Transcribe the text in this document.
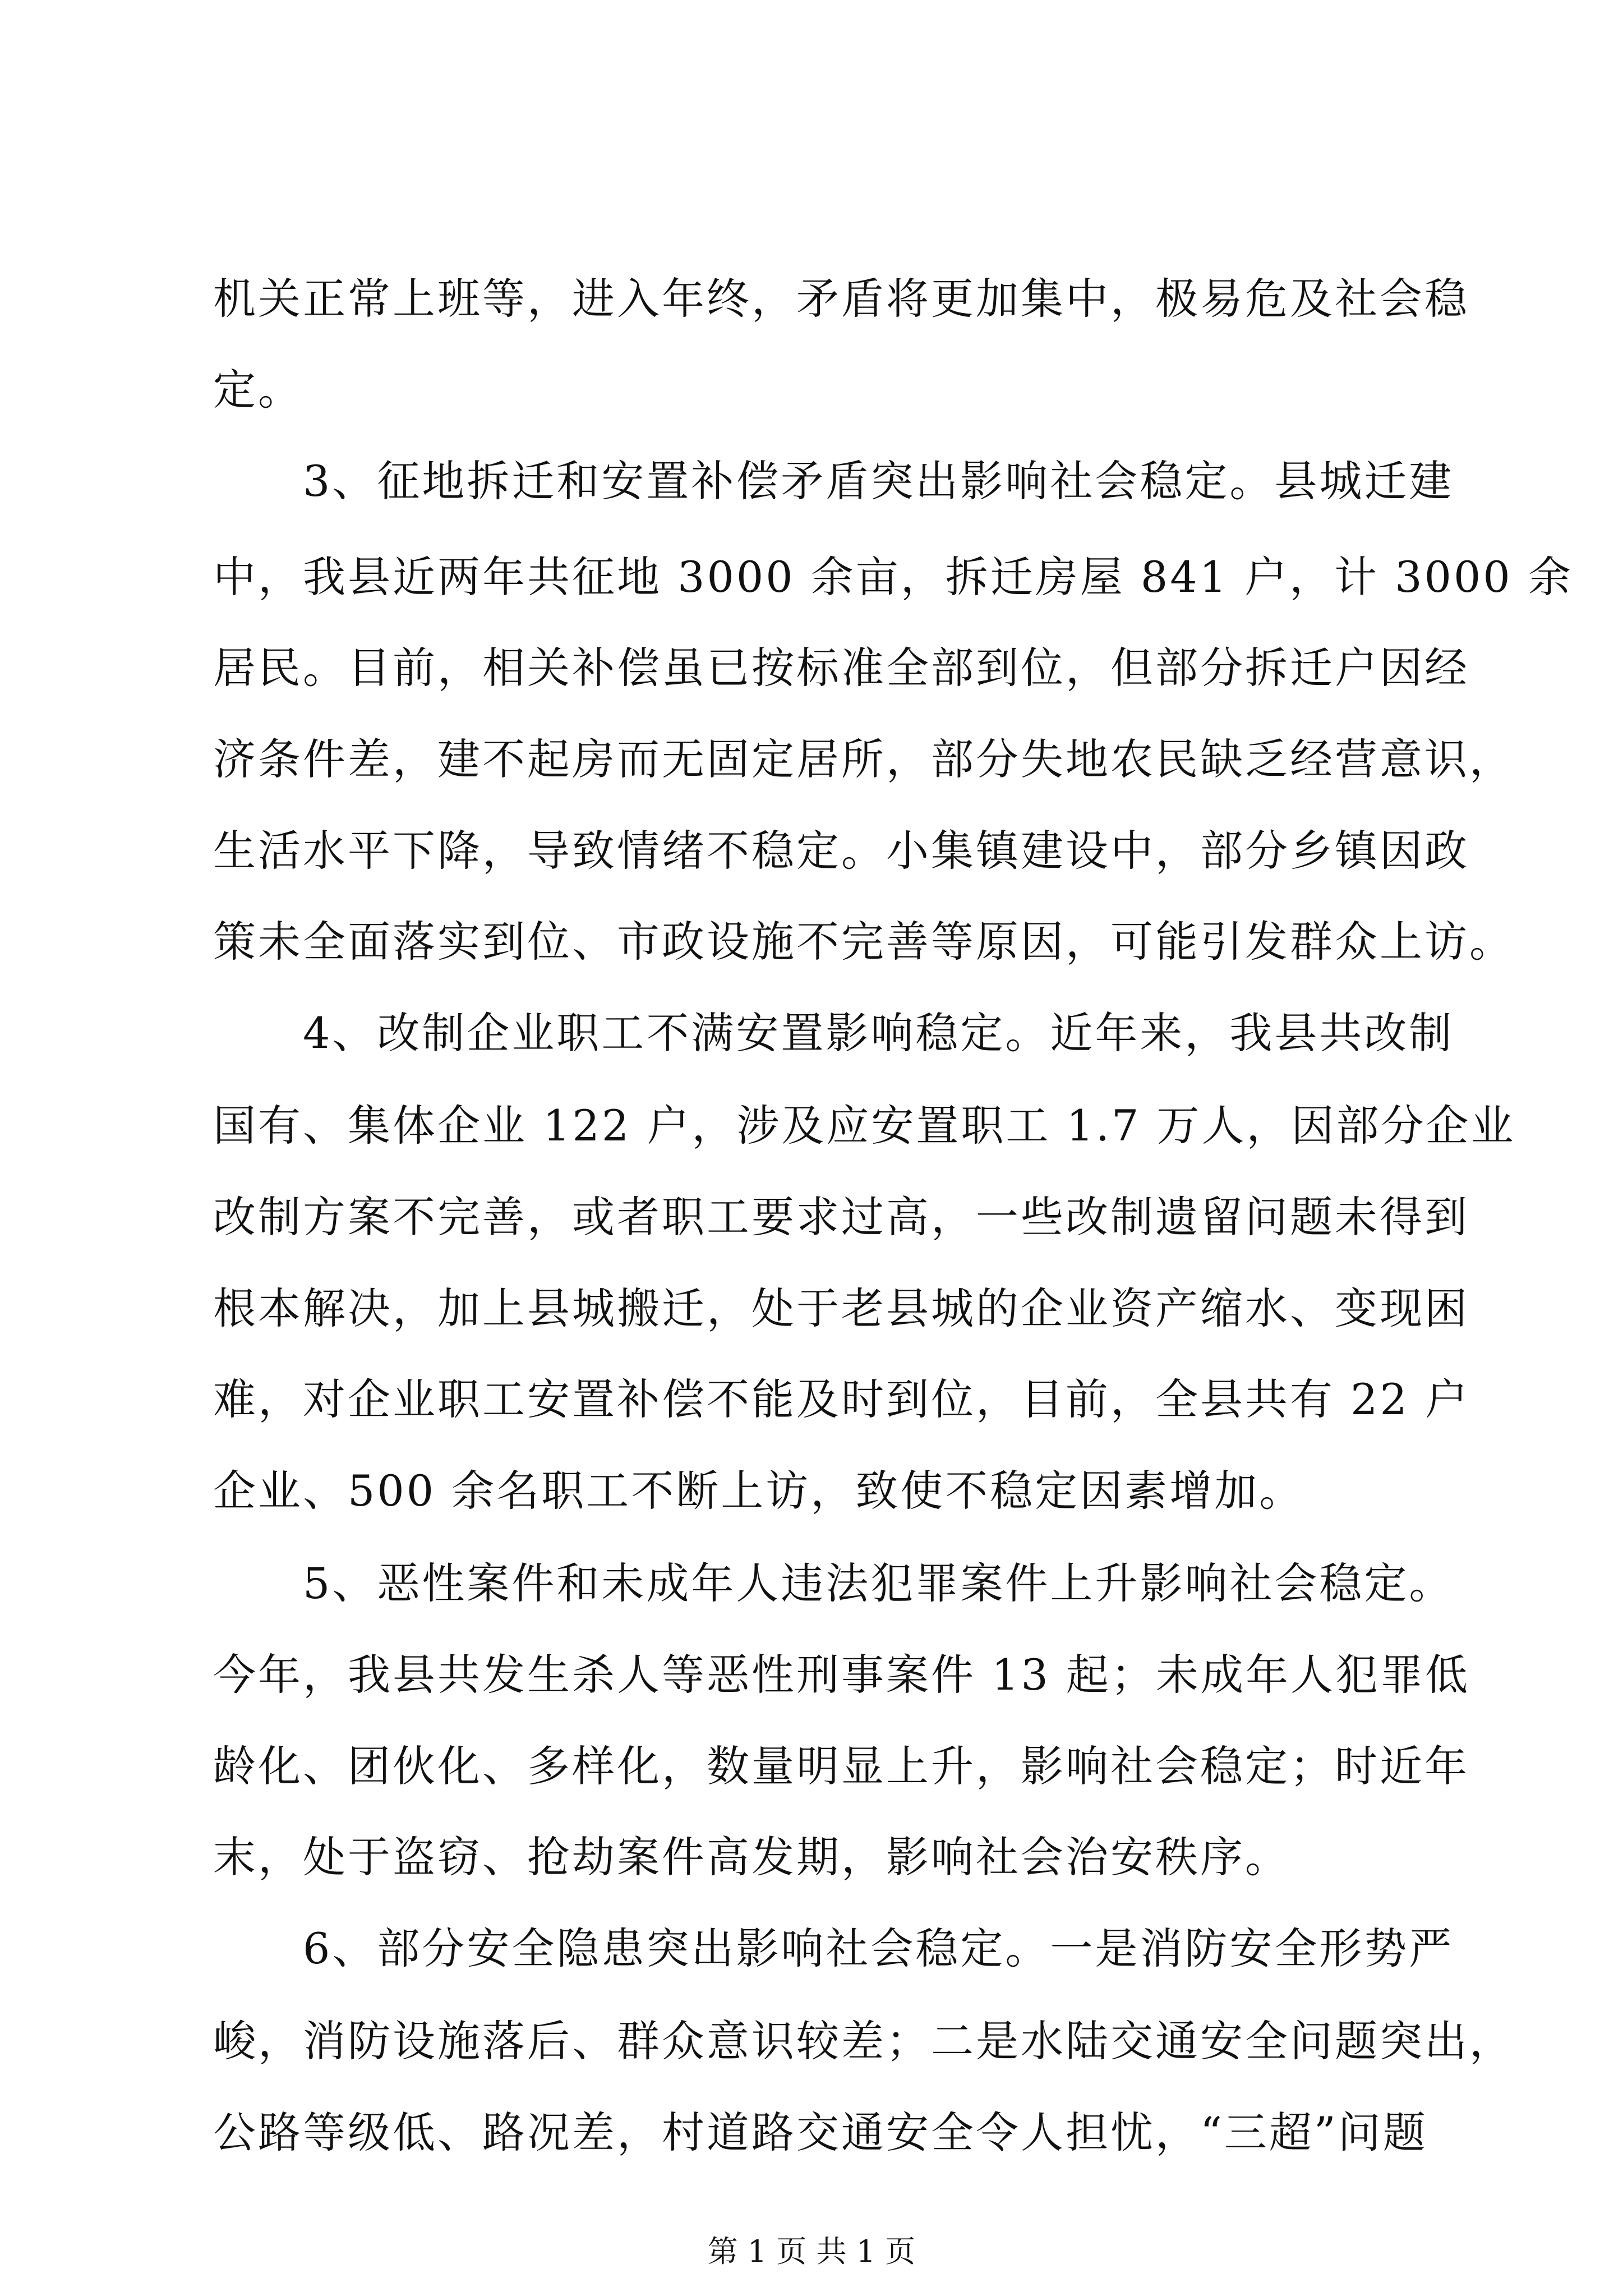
机关正常上班等，进入年终，矛盾将更加集中，极易危及社会稳
定。
3、征地拆迁和安置补偿矛盾突出影响社会稳定。县城迁建
中，我县近两年共征地 3000 余亩，拆迁房屋 841 户，计 3000 余
居民。目前，相关补偿虽已按标准全部到位，但部分拆迁户因经
济条件差，建不起房而无固定居所，部分失地农民缺乏经营意识，
生活水平下降，导致情绪不稳定。小集镇建设中，部分乡镇因政
策未全面落实到位、市政设施不完善等原因，可能引发群众上访。
4、改制企业职工不满安置影响稳定。近年来，我县共改制
国有、集体企业 122 户，涉及应安置职工 1.7 万人，因部分企业
改制方案不完善，或者职工要求过高，一些改制遗留问题未得到
根本解决，加上县城搬迁，处于老县城的企业资产缩水、变现困
难，对企业职工安置补偿不能及时到位，目前，全县共有 22 户
企业、500 余名职工不断上访，致使不稳定因素增加。
5、恶性案件和未成年人违法犯罪案件上升影响社会稳定。
今年，我县共发生杀人等恶性刑事案件 13 起；未成年人犯罪低
龄化、团伙化、多样化，数量明显上升，影响社会稳定；时近年
末，处于盗窃、抢劫案件高发期，影响社会治安秩序。
6、部分安全隐患突出影响社会稳定。一是消防安全形势严
峻，消防设施落后、群众意识较差；二是水陆交通安全问题突出，
公路等级低、路况差，村道路交通安全令人担忧，“三超”问题
第 1 页 共 1 页
